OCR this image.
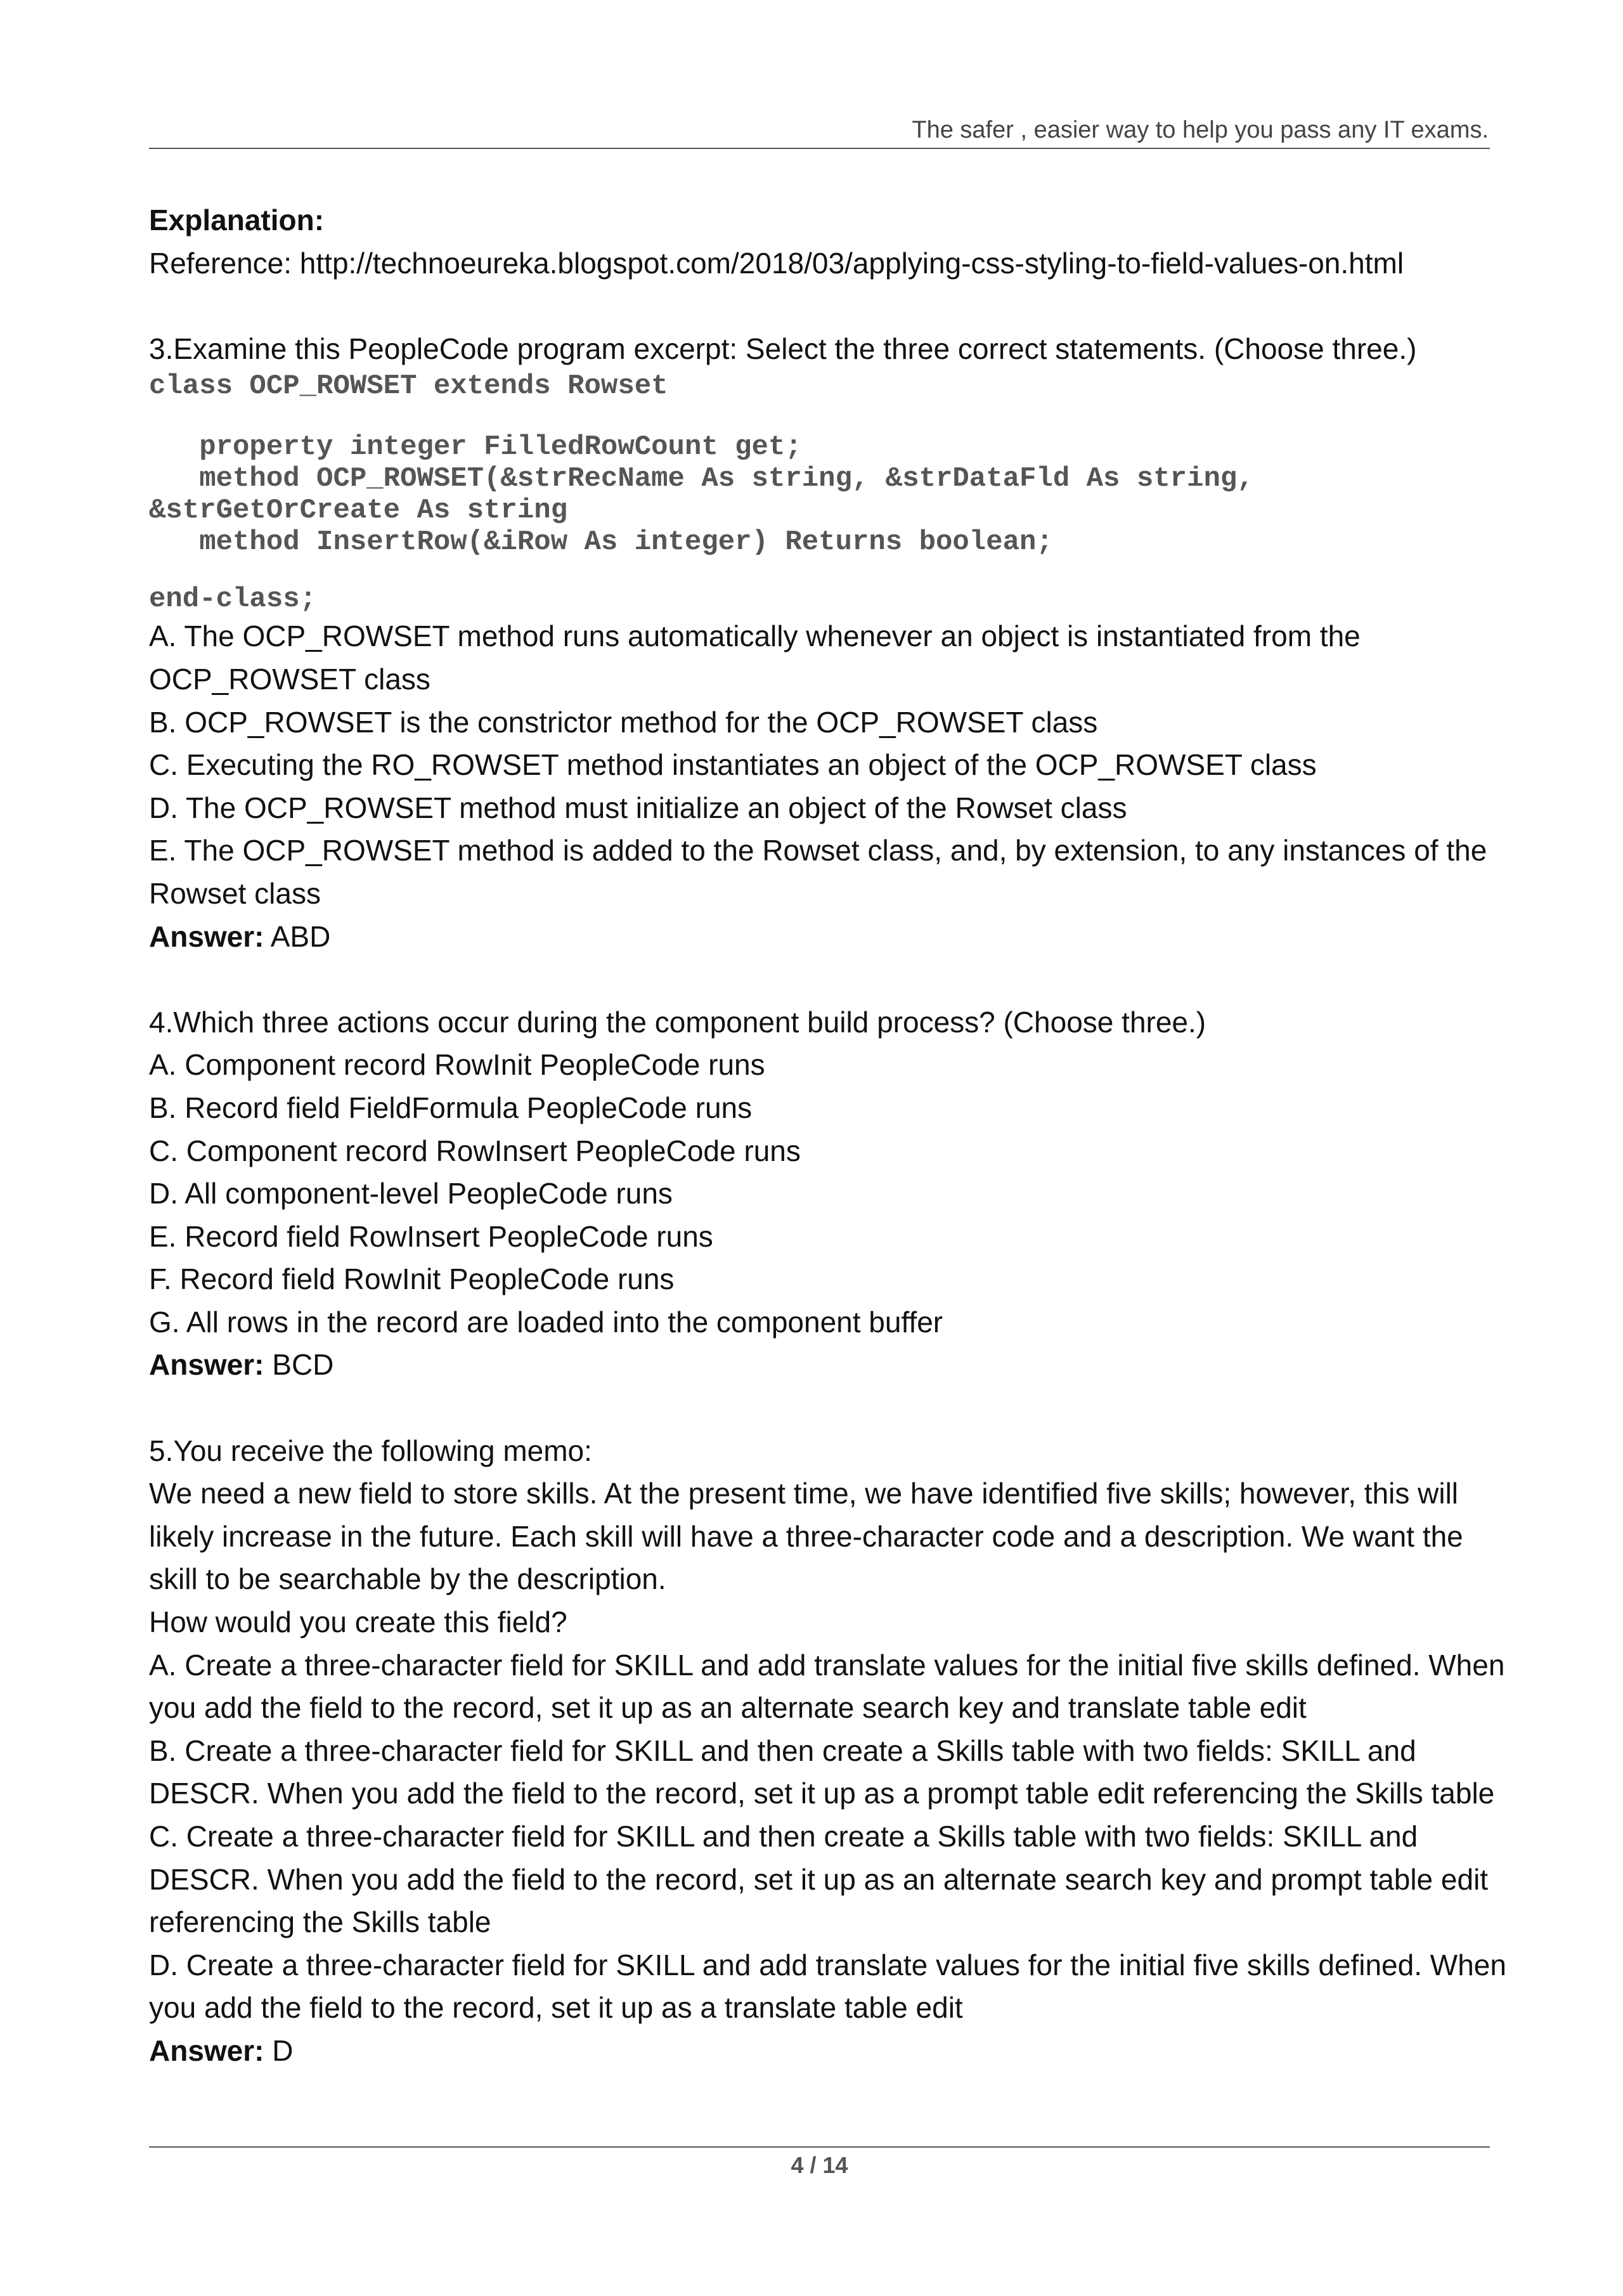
The safer , easier way to help you pass any IT exams.
Explanation:
Reference: http://technoeureka.blogspot.com/2018/03/applying-css-styling-to-field-values-on.html
3.Examine this PeopleCode program excerpt: Select the three correct statements. (Choose three.)
class OCP_ROWSET extends Rowset
property integer FilledRowCount get;
method OCP_ROWSET(&strRecName As string, &strDataFld As string,
&strGetOrCreate As string
method InsertRow(&iRow As integer) Returns boolean;
end-class;
A. The OCP_ROWSET method runs automatically whenever an object is instantiated from the
OCP_ROWSET class
B. OCP_ROWSET is the constrictor method for the OCP_ROWSET class
C. Executing the RO_ROWSET method instantiates an object of the OCP_ROWSET class
D. The OCP_ROWSET method must initialize an object of the Rowset class
E. The OCP_ROWSET method is added to the Rowset class, and, by extension, to any instances of the
Rowset class
Answer: ABD
4.Which three actions occur during the component build process? (Choose three.)
A. Component record RowInit PeopleCode runs
B. Record field FieldFormula PeopleCode runs
C. Component record RowInsert PeopleCode runs
D. All component-level PeopleCode runs
E. Record field RowInsert PeopleCode runs
F. Record field RowInit PeopleCode runs
G. All rows in the record are loaded into the component buffer
Answer: BCD
5.You receive the following memo:
We need a new field to store skills. At the present time, we have identified five skills; however, this will
likely increase in the future. Each skill will have a three-character code and a description. We want the
skill to be searchable by the description.
How would you create this field?
A. Create a three-character field for SKILL and add translate values for the initial five skills defined. When
you add the field to the record, set it up as an alternate search key and translate table edit
B. Create a three-character field for SKILL and then create a Skills table with two fields: SKILL and
DESCR. When you add the field to the record, set it up as a prompt table edit referencing the Skills table
C. Create a three-character field for SKILL and then create a Skills table with two fields: SKILL and
DESCR. When you add the field to the record, set it up as an alternate search key and prompt table edit
referencing the Skills table
D. Create a three-character field for SKILL and add translate values for the initial five skills defined. When
you add the field to the record, set it up as a translate table edit
Answer: D
4 / 14
